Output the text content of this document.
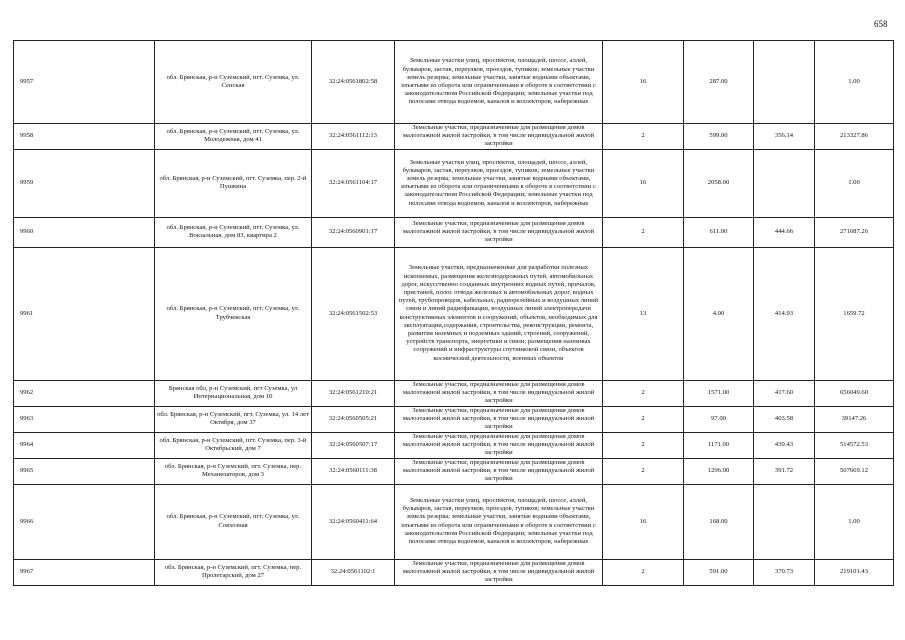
658
9957	обл. Брянская, р-н Суземский, пгт. Суземка, ул. Сенская	32:24:0561802:58	Земельные участки улиц, проспектов, площадей, шоссе, аллей, бульваров, застав, переулков, проездов, тупиков; земельные участки земель резерва; земельные участки, занятые водными объектами, изъятыми из оборота или ограниченными в обороте в соответствии с законодательством Российской Федерации; земельные участки под полосами отвода водоемов, каналов и коллекторов, набережные	16	287.00		1.00
9958	обл. Брянская, р-н Суземский, пгт. Суземка, ул. Молодежная, дом 41	32:24:0561112:13	Земельные участки, предназначенные для размещения домов малоэтажной жилой застройки, в том числе индивидуальной жилой застройки	2	599.00	356.14	213327.86
9959	обл. Брянская, р-н Суземский, пгт. Суземка, пер. 2-й Пушкина	32:24:0561104:17	Земельные участки улиц, проспектов, площадей, шоссе, аллей, бульваров, застав, переулков, проездов, тупиков; земельные участки земель резерва; земельные участки, занятые водными объектами, изъятыми из оборота или ограниченными в обороте в соответствии с законодательством Российской Федерации; земельные участки под полосами отвода водоемов, каналов и коллекторов, набережные	16	2058.00		1.00
9960	обл. Брянская, р-н Суземский, пгт. Суземка, ул. Вокзальная, дом 83, квартира 2	32:24:0560901:17	Земельные участки, предназначенные для размещения домов малоэтажной жилой застройки, в том числе индивидуальной жилой застройки	2	611.00	444.66	271687.26
9961	обл. Брянская, р-н Суземский, пгт. Суземка, ул. Трубчевская	32:24:0561502:53	Земельные участки, предназначенные для разработки полезных ископаемых, размещения железнодорожных путей, автомобильных дорог, искусственно созданных внутренних водных путей, причалов, пристаней, полос отвода железных и автомобильных дорог, водных путей, трубопроводов, кабельных, радиорелейных и воздушных линий связи и линий радиофикации, воздушных линий электропередачи конструктивных элементов и сооружений, объектов, необходимых для эксплуатации,содержания, строительства, реконструкции, ремонта, развития наземных и подземных зданий, строений, сооружений, устройств транспорта, энергетики и связи; размещения наземных сооружений и инфраструктуры спутниковой связи, объектов космической деятельности, военных объектов	13	4.00	414.93	1659.72
9962	Брянская обл, р-н Суземский, пгт Суземка, ул Интернациональная, дом 10	32:24:0561210:21	Земельные участки, предназначенные для размещения домов малоэтажной жилой застройки, в том числе индивидуальной жилой застройки	2	1571.00	417.60	656049.60
9963	обл. Брянская, р-н Суземский, пгт. Суземка, ул. 14 лет Октября, дом 37	32:24:0560505:21	Земельные участки, предназначенные для размещения домов малоэтажной жилой застройки, в том числе индивидуальной жилой застройки	2	97.00	403.58	39147.26
9964	обл. Брянская, р-н Суземский, пгт. Суземка, пер. 3-й Октябрьский, дом 7	32:24:0560507:17	Земельные участки, предназначенные для размещения домов малоэтажной жилой застройки, в том числе индивидуальной жилой застройки	2	1171.00	439.43	514572.53
9965	обл. Брянская, р-н Суземский, пгт. Суземка, пер. Механизаторов, дом 3	32:24:0560111:38	Земельные участки, предназначенные для размещения домов малоэтажной жилой застройки, в том числе индивидуальной жилой застройки	2	1296.00	391.72	507669.12
9966	обл. Брянская, р-н Суземский, пгт. Суземка, ул. Совхозная	32:24:0560411:64	Земельные участки улиц, проспектов, площадей, шоссе, аллей, бульваров, застав, переулков, проездов, тупиков; земельные участки земель резерва; земельные участки, занятые водными объектами, изъятыми из оборота или ограниченными в обороте в соответствии с законодательством Российской Федерации; земельные участки под полосами отвода водоемов, каналов и коллекторов, набережные	16	168.00		1.00
9967	обл. Брянская, р-н Суземский, пгт. Суземка, пер. Пролетарский, дом 27	32:24:0561102:1	Земельные участки, предназначенные для размещения домов малоэтажной жилой застройки, в том числе индивидуальной жилой застройки	2	591.00	370.73	219101.43
